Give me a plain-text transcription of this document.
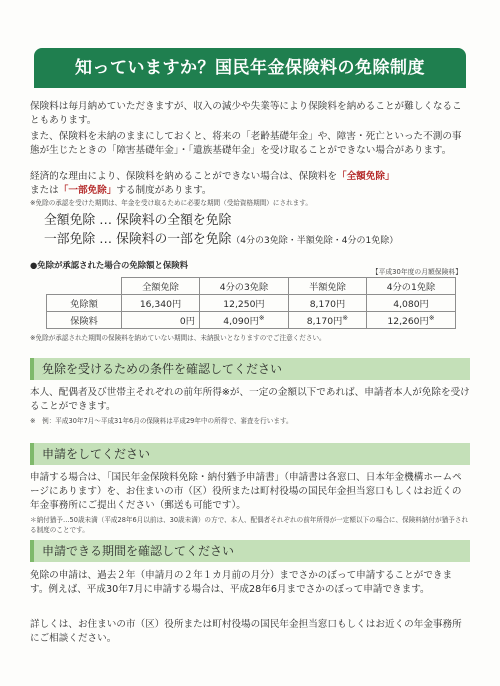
知っていますか？国民年金保険料の免除制度
保険料は毎月納めていただきますが、収入の減少や失業等により保険料を納めることが難しくなることもあります。
また、保険料を未納のままにしておくと、将来の「老齢基礎年金」や、障害・死亡といった不測の事態が生じたときの「障害基礎年金」・「遺族基礎年金」を受け取ることができない場合があります。
経済的な理由により、保険料を納めることができない場合は、保険料を「全額免除」
または「一部免除」する制度があります。
※免除の承認を受けた期間は、年金を受け取るために必要な期間（受給資格期間）にされます。
全額免除 … 保険料の全額を免除
一部免除 … 保険料の一部を免除（4分の3免除・半額免除・4分の1免除）
●免除が承認された場合の免除額と保険料
【平成30年度の月額保険料】
	全額免除	4分の3免除	半額免除	4分の1免除
免除額	16,340円	12,250円	8,170円	4,080円
保険料	0円	4,090円※	8,170円※	12,260円※
※免除が承認された期間の保険料を納めていない期間は、未納扱いとなりますのでご注意ください。
免除を受けるための条件を確認してください
本人、配偶者及び世帯主それぞれの前年所得※が、一定の金額以下であれば、申請者本人が免除を受けることができます。
※　例：平成30年7月〜平成31年6月の保険料は平成29年中の所得で、審査を行います。
申請をしてください
申請する場合は、「国民年金保険料免除・納付猶予申請書」（申請書は各窓口、日本年金機構ホームページにあります）を、お住まいの市（区）役所または町村役場の国民年金担当窓口もしくはお近くの年金事務所にご提出ください（郵送も可能です）。
＊納付猶予…50歳未満（平成28年6月以前は、30歳未満）の方で、本人、配偶者それぞれの前年所得が一定額以下の場合に、保険料納付が猶予される制度のことです。
申請できる期間を確認してください
免除の申請は、過去２年（申請月の２年１カ月前の月分）までさかのぼって申請することができます。例えば、平成30年7月に申請する場合は、平成28年6月までさかのぼって申請できます。
詳しくは、お住まいの市（区）役所または町村役場の国民年金担当窓口もしくはお近くの年金事務所にご相談ください。
